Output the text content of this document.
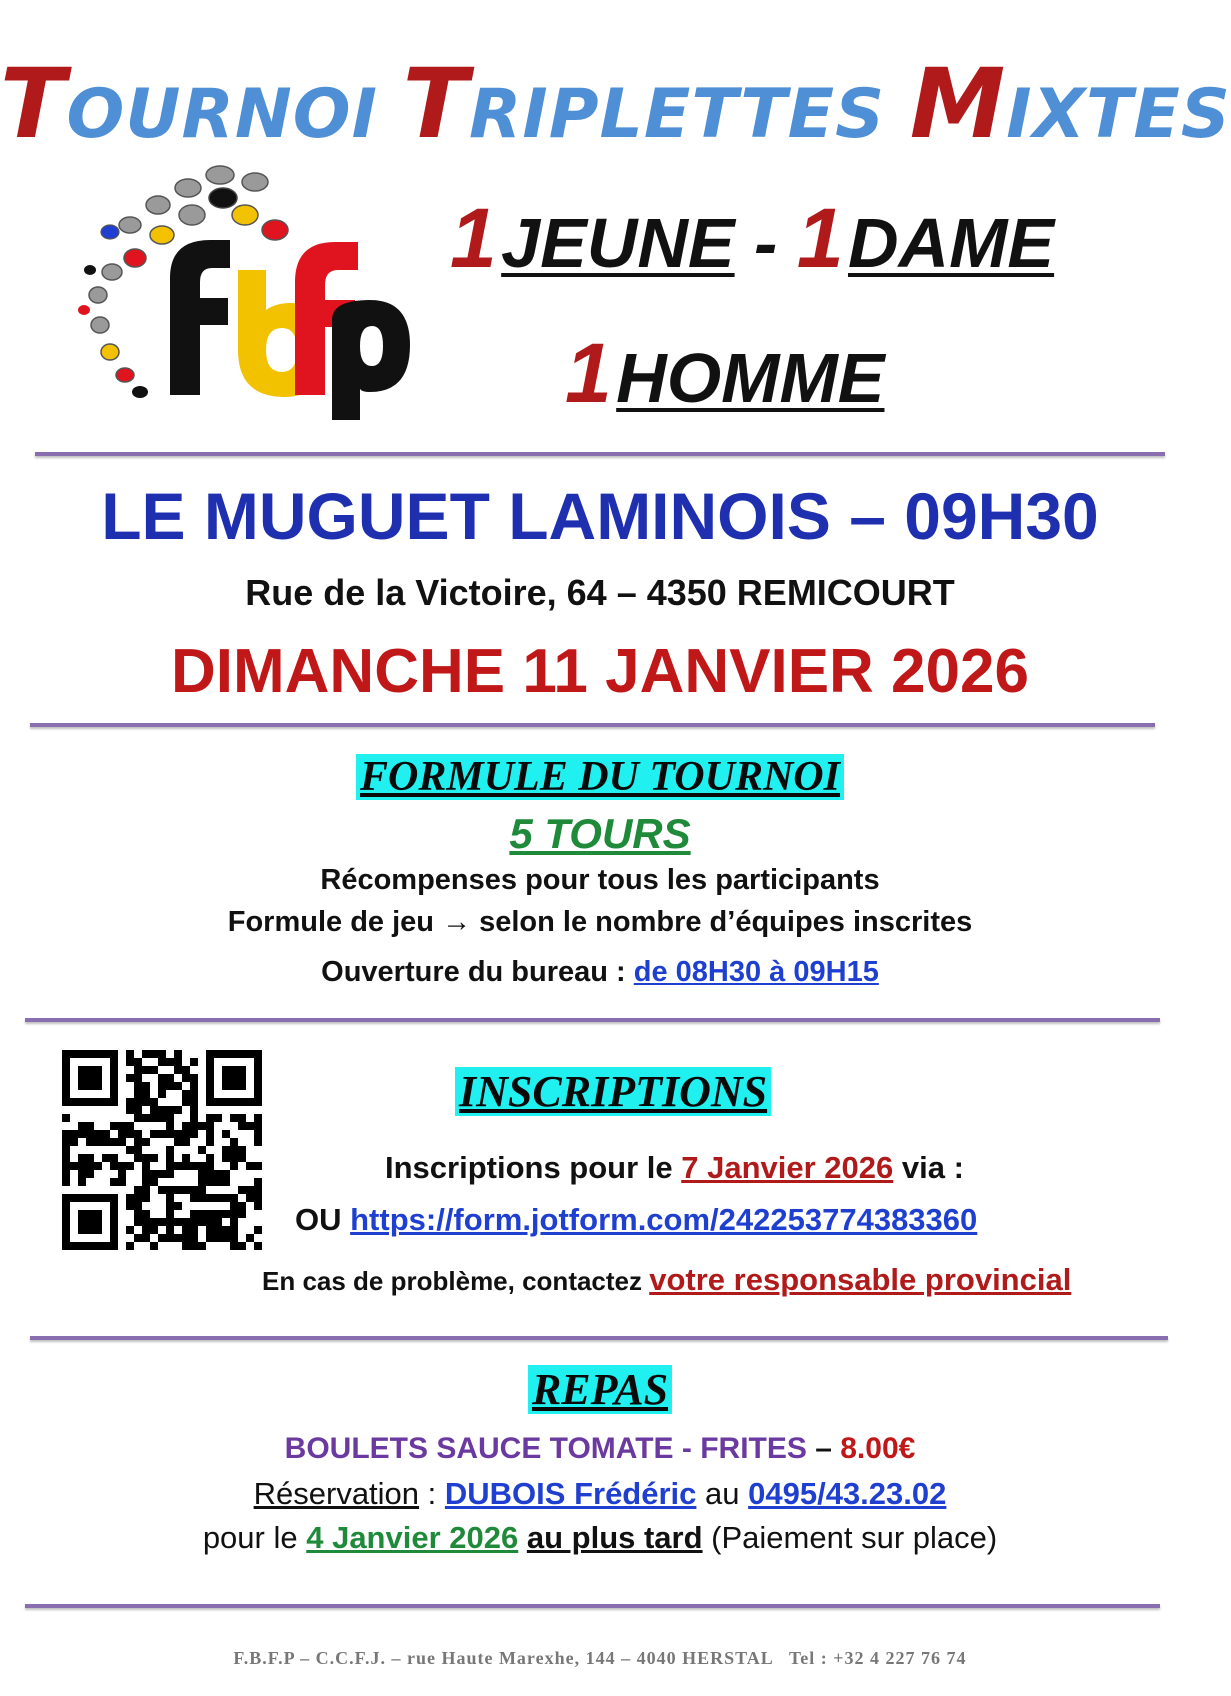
TOURNOI TRIPLETTES MIXTES
1 JEUNE - 1 DAME
1 HOMME
LE MUGUET LAMINOIS – 09H30
Rue de la Victoire, 64 – 4350 REMICOURT
DIMANCHE 11 JANVIER 2026
FORMULE DU TOURNOI
5 TOURS
Récompenses pour tous les participants
Formule de jeu → selon le nombre d’équipes inscrites
Ouverture du bureau : de 08H30 à 09H15
INSCRIPTIONS
Inscriptions pour le 7 Janvier 2026 via :
OU https://form.jotform.com/242253774383360
En cas de problème, contactez votre responsable provincial
REPAS
BOULETS SAUCE TOMATE - FRITES – 8.00€
Réservation : DUBOIS Frédéric au 0495/43.23.02
pour le 4 Janvier 2026 au plus tard (Paiement sur place)
F.B.F.P – C.C.F.J. – rue Haute Marexhe, 144 – 4040 HERSTAL   Tel : +32 4 227 76 74
